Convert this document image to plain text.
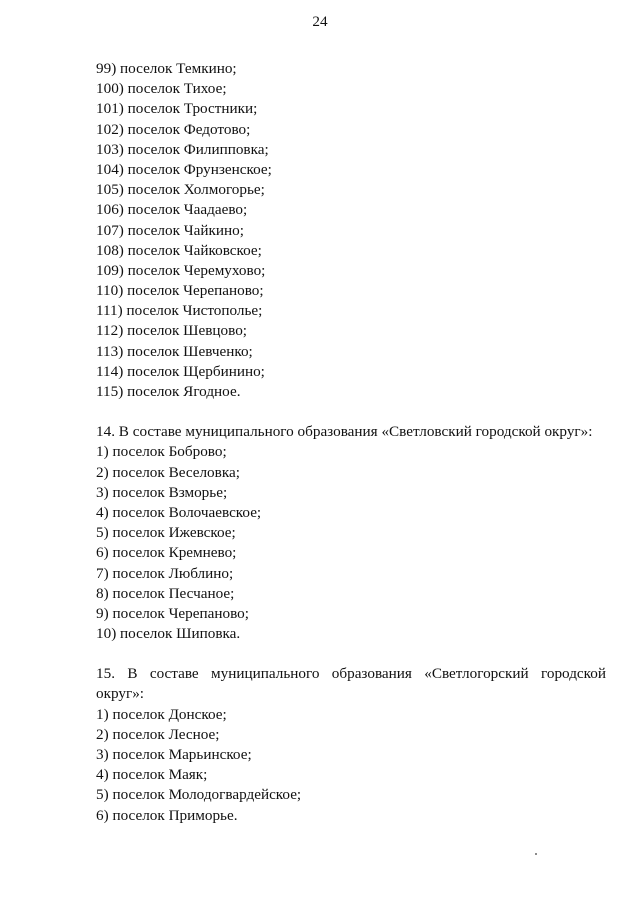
24
99) поселок Темкино;
100) поселок Тихое;
101) поселок Тростники;
102) поселок Федотово;
103) поселок Филипповка;
104) поселок Фрунзенское;
105) поселок Холмогорье;
106) поселок Чаадаево;
107) поселок Чайкино;
108) поселок Чайковское;
109) поселок Черемухово;
110) поселок Черепаново;
111) поселок Чистополье;
112) поселок Шевцово;
113) поселок Шевченко;
114) поселок Щербинино;
115) поселок Ягодное.

14. В составе муниципального образования «Светловский городской округ»:

1) поселок Боброво;
2) поселок Веселовка;
3) поселок Взморье;
4) поселок Волочаевское;
5) поселок Ижевское;
6) поселок Кремнево;
7) поселок Люблино;
8) поселок Песчаное;
9) поселок Черепаново;
10) поселок Шиповка.

15. В составе муниципального образования «Светлогорский городской округ»:

1) поселок Донское;
2) поселок Лесное;
3) поселок Марьинское;
4) поселок Маяк;
5) поселок Молодогвардейское;
6) поселок Приморье.
